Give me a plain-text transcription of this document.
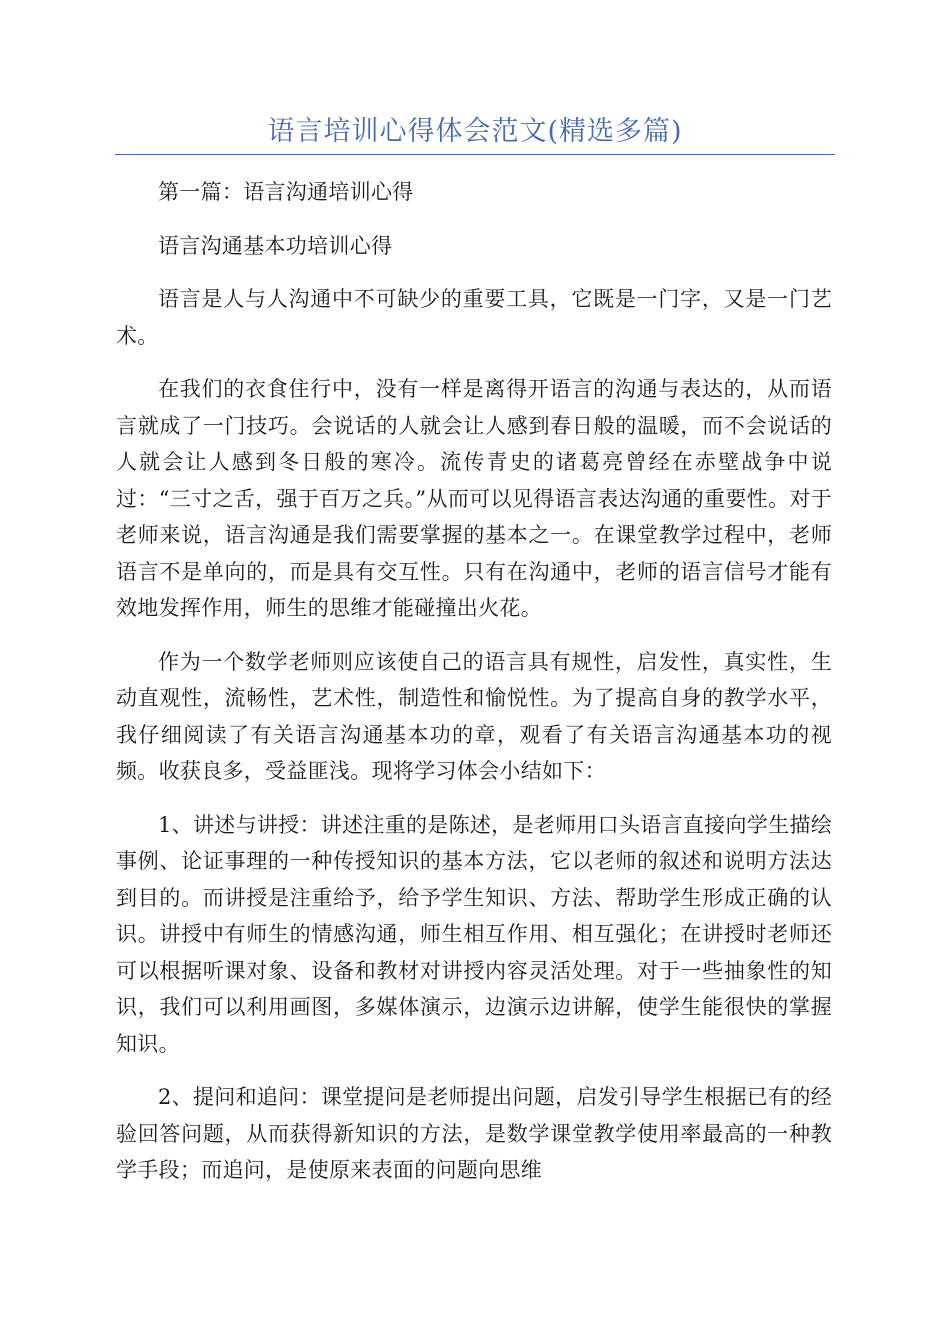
语言培训心得体会范文(精选多篇)

第一篇：语言沟通培训心得

语言沟通基本功培训心得

语言是人与人沟通中不可缺少的重要工具，它既是一门字，又是一门艺术。

在我们的衣食住行中，没有一样是离得开语言的沟通与表达的，从而语言就成了一门技巧。会说话的人就会让人感到春日般的温暖，而不会说话的人就会让人感到冬日般的寒冷。流传青史的诸葛亮曾经在赤壁战争中说过：“三寸之舌，强于百万之兵。”从而可以见得语言表达沟通的重要性。对于老师来说，语言沟通是我们需要掌握的基本之一。在课堂教学过程中，老师语言不是单向的，而是具有交互性。只有在沟通中，老师的语言信号才能有效地发挥作用，师生的思维才能碰撞出火花。

作为一个数学老师则应该使自己的语言具有规性，启发性，真实性，生动直观性，流畅性，艺术性，制造性和愉悦性。为了提高自身的教学水平，我仔细阅读了有关语言沟通基本功的章，观看了有关语言沟通基本功的视频。收获良多，受益匪浅。现将学习体会小结如下：

1、讲述与讲授：讲述注重的是陈述，是老师用口头语言直接向学生描绘事例、论证事理的一种传授知识的基本方法，它以老师的叙述和说明方法达到目的。而讲授是注重给予，给予学生知识、方法、帮助学生形成正确的认识。讲授中有师生的情感沟通，师生相互作用、相互强化；在讲授时老师还可以根据听课对象、设备和教材对讲授内容灵活处理。对于一些抽象性的知识，我们可以利用画图，多媒体演示，边演示边讲解，使学生能很快的掌握知识。

2、提问和追问：课堂提问是老师提出问题，启发引导学生根据已有的经验回答问题，从而获得新知识的方法，是数学课堂教学使用率最高的一种教学手段；而追问，是使原来表面的问题向思维
